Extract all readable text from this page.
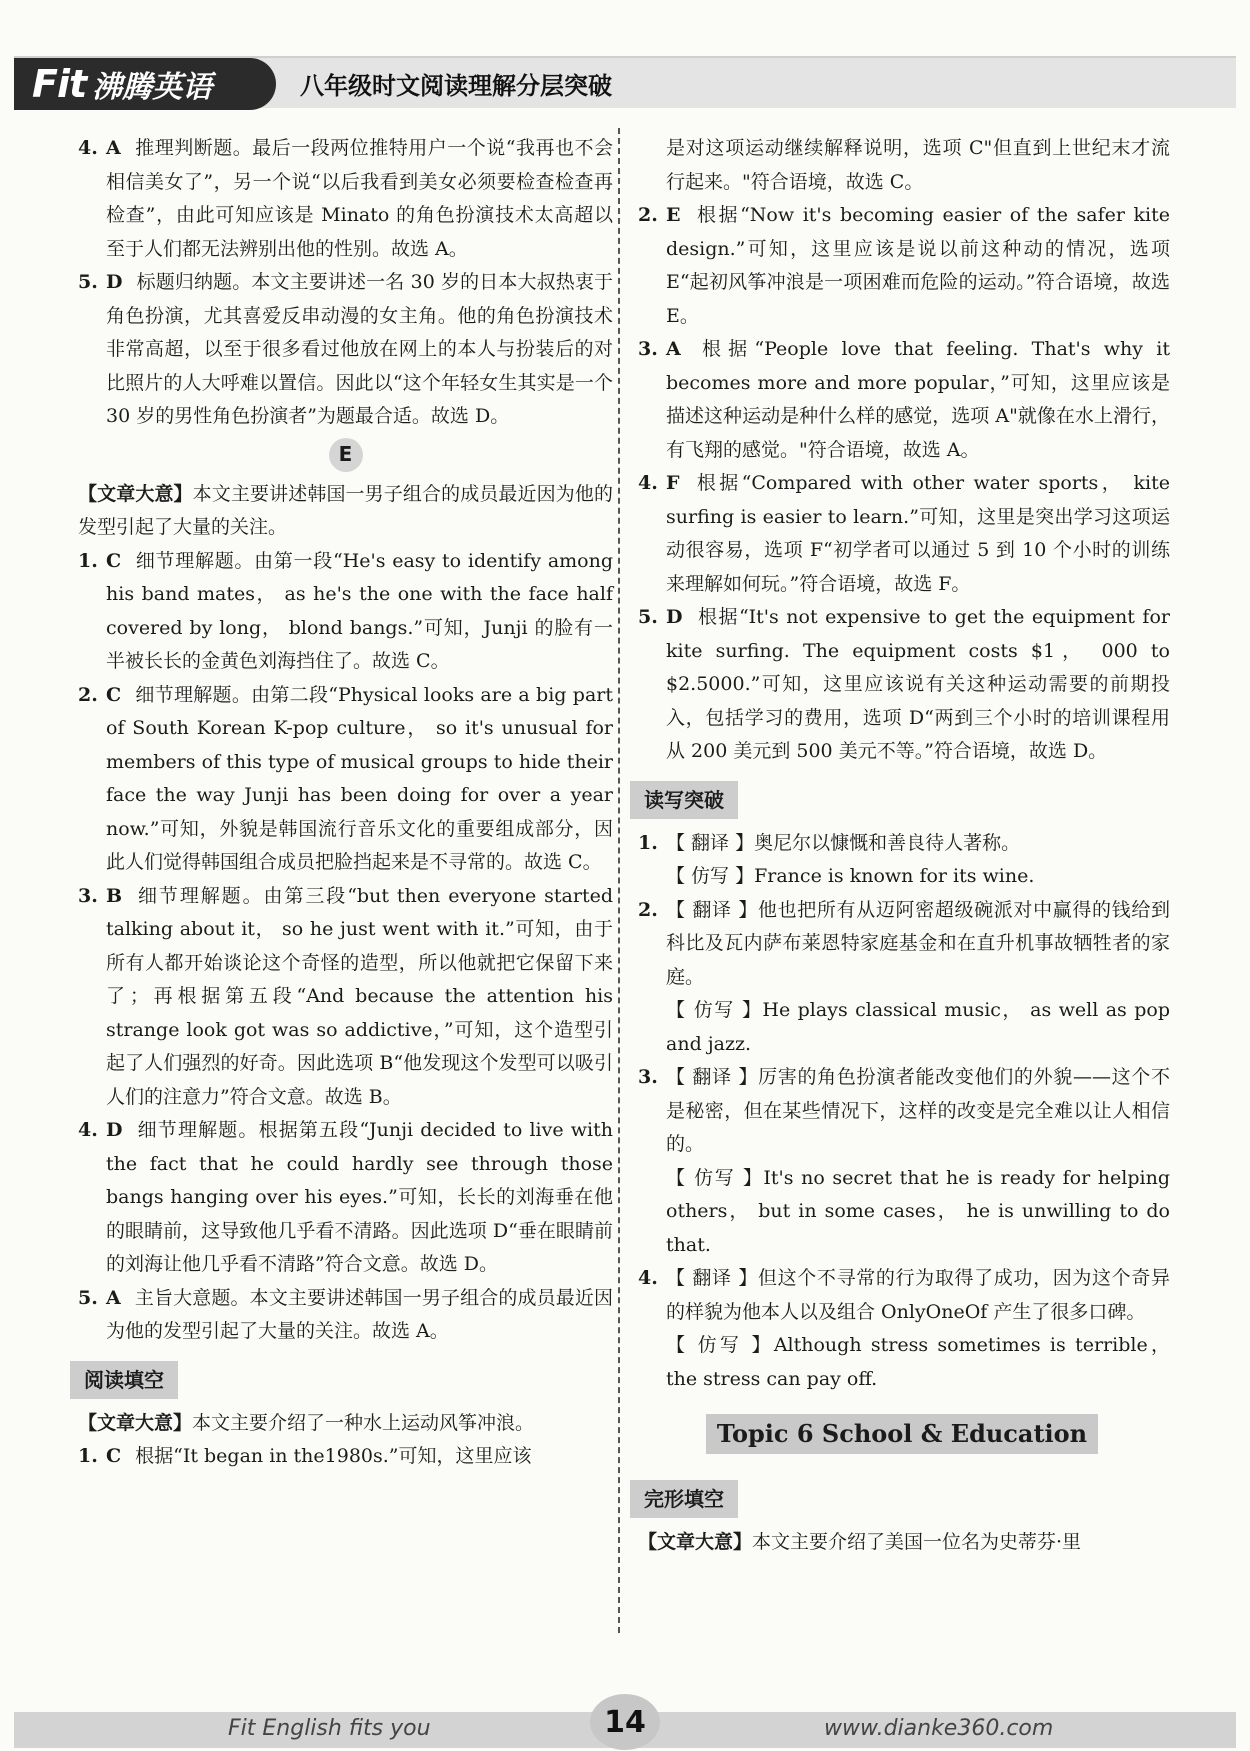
Fit 沸腾英语	八年级时文阅读理解分层突破
4. A 推理判断题。最后一段两位推特用户一个说“我再也不会相信美女了”，另一个说“以后我看到美女必须要检查检查再检查”，由此可知应该是 Minato 的角色扮演技术太高超以至于人们都无法辨别出他的性别。故选 A。
5. D 标题归纳题。本文主要讲述一名 30 岁的日本大叔热衷于角色扮演，尤其喜爱反串动漫的女主角。他的角色扮演技术非常高超，以至于很多看过他放在网上的本人与扮装后的对比照片的人大呼难以置信。因此以“这个年轻女生其实是一个 30 岁的男性角色扮演者”为题最合适。故选 D。
E
【文章大意】本文主要讲述韩国一男子组合的成员最近因为他的发型引起了大量的关注。
1. C 细节理解题。由第一段“He's easy to identify among his band mates， as he's the one with the face half covered by long， blond bangs.”可知，Junji 的脸有一半被长长的金黄色刘海挡住了。故选 C。
2. C 细节理解题。由第二段“Physical looks are a big part of South Korean K-pop culture， so it's unusual for members of this type of musical groups to hide their face the way Junji has been doing for over a year now.”可知，外貌是韩国流行音乐文化的重要组成部分，因此人们觉得韩国组合成员把脸挡起来是不寻常的。故选 C。
3. B 细节理解题。由第三段“but then everyone started talking about it， so he just went with it.”可知，由于所有人都开始谈论这个奇怪的造型，所以他就把它保留下来了；再根据第五段“And because the attention his strange look got was so addictive，”可知，这个造型引起了人们强烈的好奇。因此选项 B“他发现这个发型可以吸引人们的注意力”符合文意。故选 B。
4. D 细节理解题。根据第五段“Junji decided to live with the fact that he could hardly see through those bangs hanging over his eyes.”可知，长长的刘海垂在他的眼睛前，这导致他几乎看不清路。因此选项 D“垂在眼睛前的刘海让他几乎看不清路”符合文意。故选 D。
5. A 主旨大意题。本文主要讲述韩国一男子组合的成员最近因为他的发型引起了大量的关注。故选 A。
阅读填空
【文章大意】本文主要介绍了一种水上运动风筝冲浪。
1. C 根据“It began in the1980s.”可知，这里应该
是对这项运动继续解释说明，选项 C"但直到上世纪末才流行起来。"符合语境，故选 C。
2. E 根据“Now it's becoming easier of the safer kite design.”可知，这里应该是说以前这种动的情况，选项 E“起初风筝冲浪是一项困难而危险的运动。”符合语境，故选 E。
3. A 根据“People love that feeling. That's why it becomes more and more popular，”可知，这里应该是描述这种运动是种什么样的感觉，选项 A"就像在水上滑行，有飞翔的感觉。"符合语境，故选 A。
4. F 根据“Compared with other water sports， kite surfing is easier to learn.”可知，这里是突出学习这项运动很容易，选项 F“初学者可以通过 5 到 10 个小时的训练来理解如何玩。”符合语境，故选 F。
5. D 根据“It's not expensive to get the equipment for kite surfing. The equipment costs $1， 000 to $2.5000.”可知，这里应该说有关这种运动需要的前期投入，包括学习的费用，选项 D“两到三个小时的培训课程用从 200 美元到 500 美元不等。”符合语境，故选 D。
读写突破
1. 【 翻译 】奥尼尔以慷慨和善良待人著称。
【 仿写 】France is known for its wine.
2. 【 翻译 】他也把所有从迈阿密超级碗派对中赢得的钱给到科比及瓦内萨布莱恩特家庭基金和在直升机事故牺牲者的家庭。
【 仿写 】He plays classical music， as well as pop and jazz.
3. 【 翻译 】厉害的角色扮演者能改变他们的外貌——这个不是秘密，但在某些情况下，这样的改变是完全难以让人相信的。
【 仿写 】It's no secret that he is ready for helping others， but in some cases， he is unwilling to do that.
4. 【 翻译 】但这个不寻常的行为取得了成功，因为这个奇异的样貌为他本人以及组合 OnlyOneOf 产生了很多口碑。
【 仿写 】Although stress sometimes is terrible， the stress can pay off.
Topic 6 School & Education
完形填空
【文章大意】本文主要介绍了美国一位名为史蒂芬·里
Fit English fits you	www.dianke360.com
14
